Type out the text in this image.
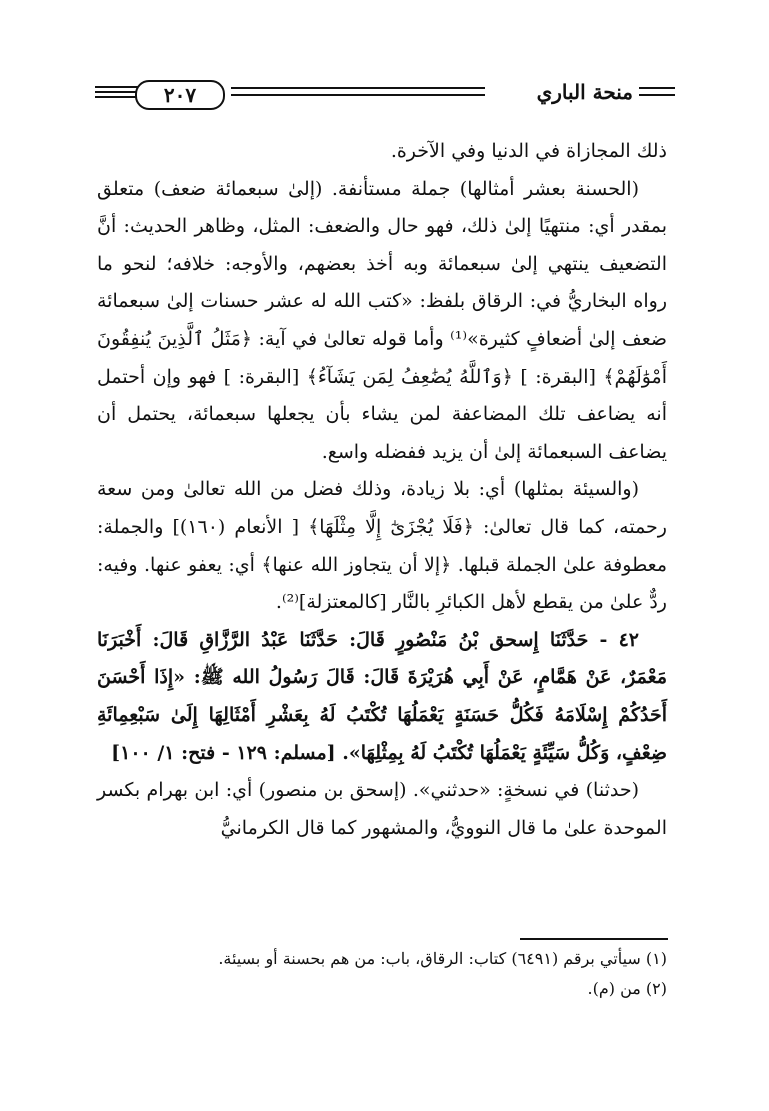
٢٠٧	منحة الباري

ذلك المجازاة في الدنيا وفي الآخرة.

(الحسنة بعشر أمثالها) جملة مستأنفة. (إلىٰ سبعمائة ضعف) متعلق بمقدر أي: منتهيًا إلىٰ ذلك، فهو حال والضعف: المثل، وظاهر الحديث: أنَّ التضعيف ينتهي إلىٰ سبعمائة وبه أخذ بعضهم، والأوجه: خلافه؛ لنحو ما رواه البخاريُّ في: الرقاق بلفظ: «كتب الله له عشر حسنات إلىٰ سبعمائة ضعف إلىٰ أضعافٍ كثيرة»⁽¹⁾ وأما قوله تعالىٰ في آية: ﴿مَثَلُ ٱلَّذِينَ يُنفِقُونَ أَمْوَٰلَهُمْ﴾ [البقرة: ] ﴿وَٱللَّهُ يُضَٰعِفُ لِمَن يَشَآءُ﴾ [البقرة: ] فهو وإن أحتمل أنه يضاعف تلك المضاعفة لمن يشاء بأن يجعلها سبعمائة، يحتمل أن يضاعف السبعمائة إلىٰ أن يزيد ففضله واسع.

(والسيئة بمثلها) أي: بلا زيادة، وذلك فضل من الله تعالىٰ ومن سعة رحمته، كما قال تعالىٰ: ﴿فَلَا يُجْزَىٰٓ إِلَّا مِثْلَهَا﴾ [ الأنعام (١٦٠)] والجملة: معطوفة علىٰ الجملة قبلها. ﴿إلا أن يتجاوز الله عنها﴾ أي: يعفو عنها. وفيه: ردٌّ علىٰ من يقطع لأهل الكبائرِ بالنَّار [كالمعتزلة]⁽²⁾.

٤٢ - حَدَّثَنَا إِسحق بْنُ مَنْصُورٍ قَالَ: حَدَّثَنَا عَبْدُ الرَّزَّاقِ قَالَ: أَخْبَرَنَا مَعْمَرٌ، عَنْ هَمَّامٍ، عَنْ أَبِي هُرَيْرَةَ قَالَ: قَالَ رَسُولُ الله ﷺ: «إِذَا أَحْسَنَ أَحَدُكُمْ إِسْلَامَهُ فَكُلُّ حَسَنَةٍ يَعْمَلُهَا تُكْتَبُ لَهُ بِعَشْرِ أَمْثَالِهَا إِلَىٰ سَبْعِمِائَةِ ضِعْفٍ، وَكُلُّ سَيِّئَةٍ يَعْمَلُهَا تُكْتَبُ لَهُ بِمِثْلِهَا». [مسلم: ١٢٩ - فتح: ١/ ١٠٠]

(حدثنا) في نسخةٍ: «حدثني». (إسحق بن منصور) أي: ابن بهرام بكسر الموحدة علىٰ ما قال النوويُّ، والمشهور كما قال الكرمانيُّ

(١) سيأتي برقم (٦٤٩١) كتاب: الرقاق، باب: من هم بحسنة أو بسيئة.

(٢) من (م).
